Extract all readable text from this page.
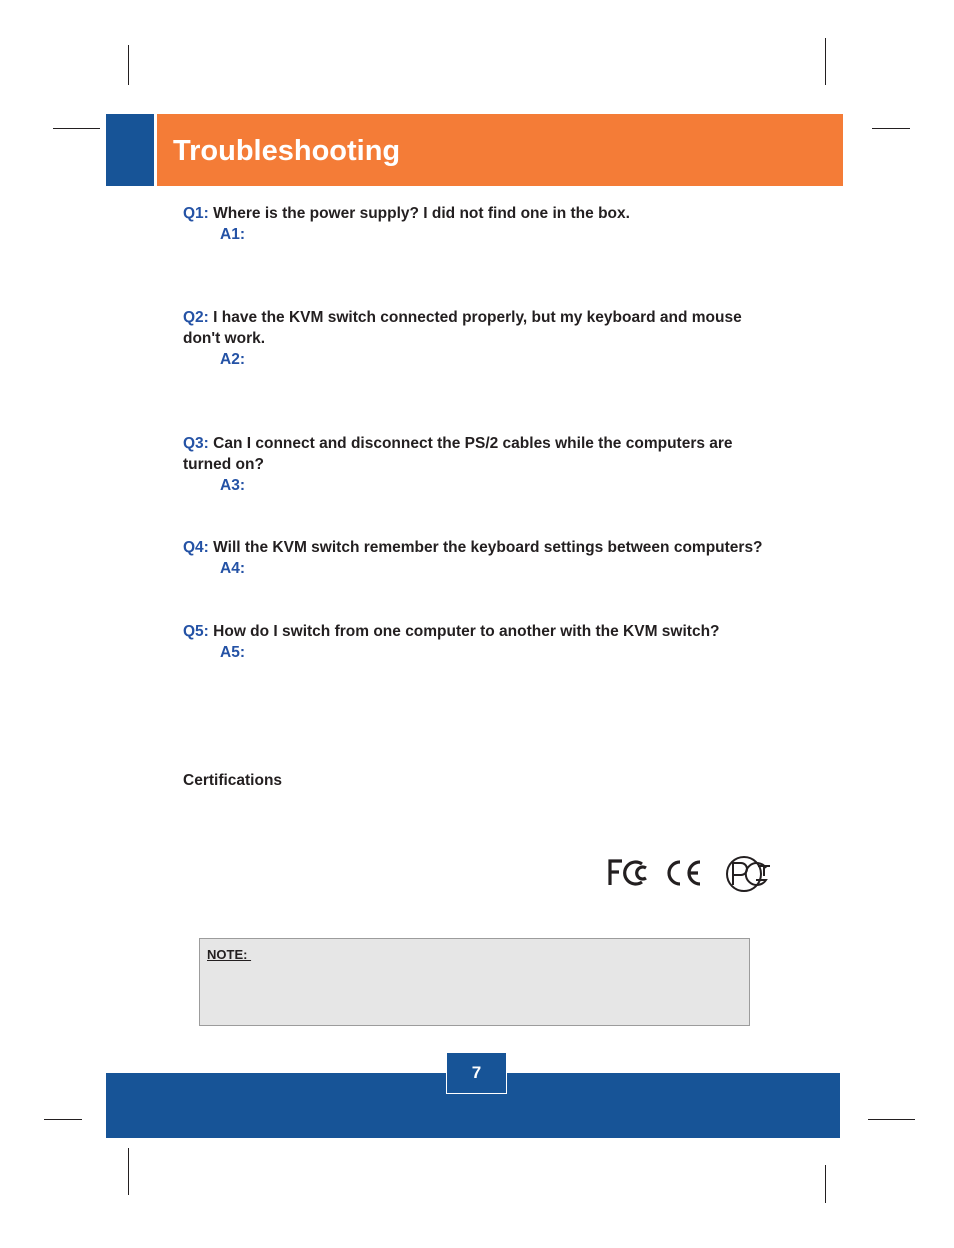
Troubleshooting
Q1: Where is the power supply? I did not find one in the box.
A1:
Q2: I have the KVM switch connected properly, but my keyboard and mouse don't work.
A2:
Q3: Can I connect and disconnect the PS/2 cables while the computers are turned on?
A3:
Q4: Will the KVM switch remember the keyboard settings between computers?
A4:
Q5: How do I switch from one computer to another with the KVM switch?
A5:
Certifications
NOTE:
7
